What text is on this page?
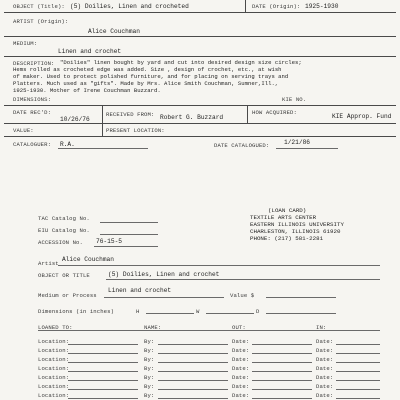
OBJECT (Title): (5) Doilies, Linen and crocheted	DATE (Origin): 1925-1930
ARTIST (Origin):
Alice Couchman
MEDIUM:
Linen and crochet
DESCRIPTION: "Doilies" linen bought by yard and cut into desired design size circles;
Hems rolled as crocheted edge was added. Size , design of crochet, etc., at wish
of maker. Used to protect polished furniture, and for placing on serving trays and
Platters. Much used as "gifts". Made by Mrs. Alice Smith Couchman, Sumner,Ill.,
1925-1930. Mother of Irene Couchman Buzzard.
DIMENSIONS:	KIE NO.
DATE REC'D:
10/26/76
RECEIVED FROM: Robert G. Buzzard
HOW ACQUIRED:
KIE Approp. Fund
VALUE:	PRESENT LOCATION:
CATALOGUER: R.A.	DATE CATALOGUED: 1/21/86
TAC Catalog No.
EIU Catalog No.
ACCESSION No. 76-15-5
(LOAN CARD)
TEXTILE ARTS CENTER
EASTERN ILLINOIS UNIVERSITY
CHARLESTON, ILLINOIS 61920
PHONE: (217) 581-2281
Artist
Alice Couchman
OBJECT OR TITLE	(5) Doilies, Linen and crochet
Medium or Process
Linen and crochet
Value $
Dimensions (in inches)	H	W	D
LOANED TO:	NAME:	OUT:	IN:
Location:	By:	Date:	Date:
Location:	By:	Date:	Date:
Location:	By:	Date:	Date:
Location:	By:	Date:	Date:
Location:	By:	Date:	Date:
Location:	By:	Date:	Date:
Location:	By:	Date:	Date:
